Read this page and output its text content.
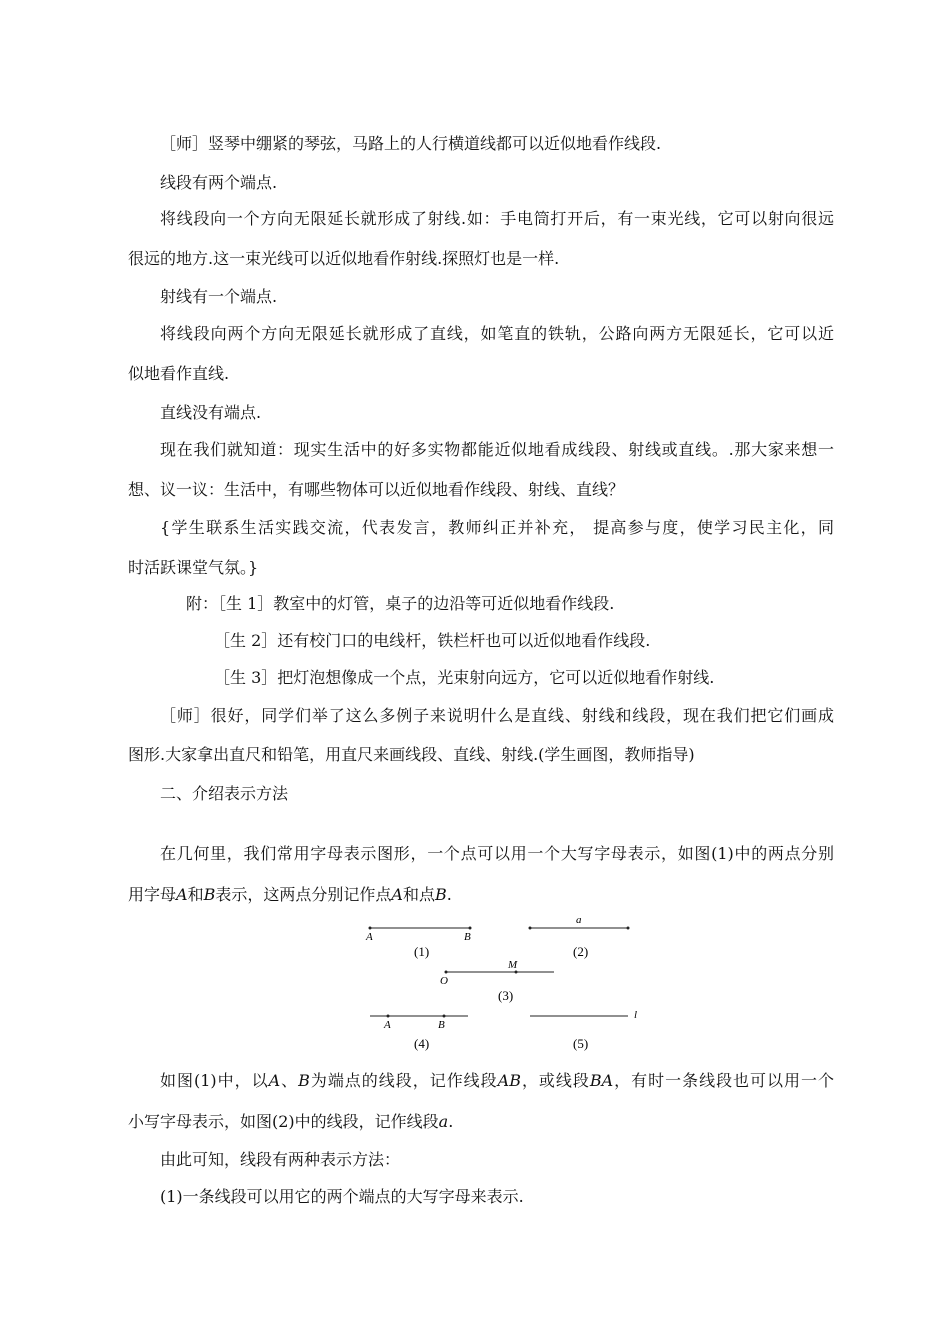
［师］竖琴中绷紧的琴弦，马路上的人行横道线都可以近似地看作线段.
线段有两个端点.
将线段向一个方向无限延长就形成了射线.如：手电筒打开后，有一束光线，它可以射向很远
很远的地方.这一束光线可以近似地看作射线.探照灯也是一样.
射线有一个端点.
将线段向两个方向无限延长就形成了直线，如笔直的铁轨，公路向两方无限延长，它可以近
似地看作直线.
直线没有端点.
现在我们就知道：现实生活中的好多实物都能近似地看成线段、射线或直线。.那大家来想一
想、议一议：生活中，有哪些物体可以近似地看作线段、射线、直线？
{学生联系生活实践交流，代表发言，教师纠正并补充， 提高参与度，使学习民主化，同
时活跃课堂气氛。}
附：［生 1］教室中的灯管，桌子的边沿等可近似地看作线段.
［生 2］还有校门口的电线杆，铁栏杆也可以近似地看作线段.
［生 3］把灯泡想像成一个点，光束射向远方，它可以近似地看作射线.
［师］很好，同学们举了这么多例子来说明什么是直线、射线和线段，现在我们把它们画成
图形.大家拿出直尺和铅笔，用直尺来画线段、直线、射线.(学生画图，教师指导)
二、介绍表示方法
在几何里，我们常用字母表示图形，一个点可以用一个大写字母表示，如图(1)中的两点分别
用字母A和B表示，这两点分别记作点A和点B.
A	B
(1)
a
(2)
O
M
(3)
A	B
(4)
l
(5)
如图(1)中，以A、B为端点的线段，记作线段AB，或线段BA，有时一条线段也可以用一个
小写字母表示，如图(2)中的线段，记作线段a.
由此可知，线段有两种表示方法：
(1)一条线段可以用它的两个端点的大写字母来表示.
